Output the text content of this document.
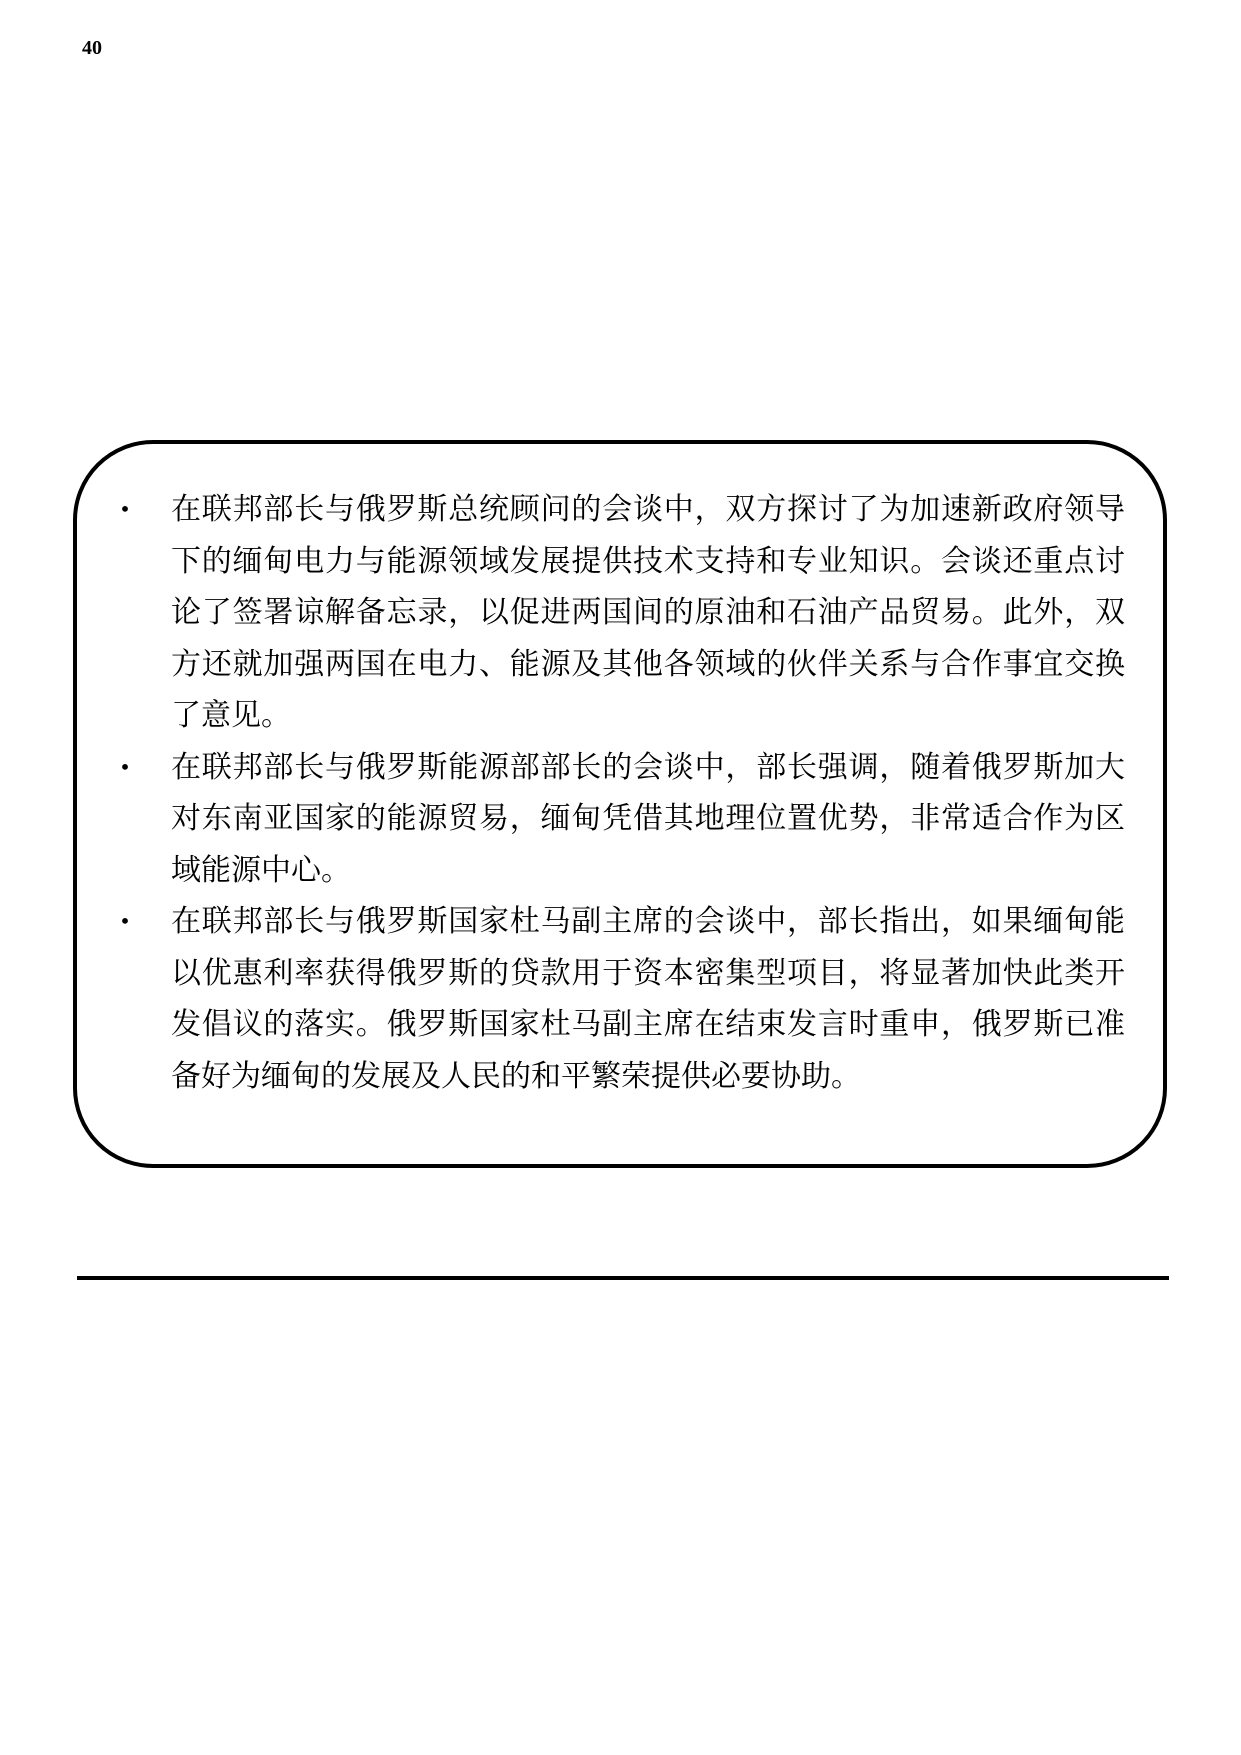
40
•	在联邦部长与俄罗斯总统顾问的会谈中，双方探讨了为加速新政府领导下的缅甸电力与能源领域发展提供技术支持和专业知识。会谈还重点讨论了签署谅解备忘录，以促进两国间的原油和石油产品贸易。此外，双方还就加强两国在电力、能源及其他各领域的伙伴关系与合作事宜交换了意见。
•	在联邦部长与俄罗斯能源部部长的会谈中，部长强调，随着俄罗斯加大对东南亚国家的能源贸易，缅甸凭借其地理位置优势，非常适合作为区域能源中心。
•	在联邦部长与俄罗斯国家杜马副主席的会谈中，部长指出，如果缅甸能以优惠利率获得俄罗斯的贷款用于资本密集型项目，将显著加快此类开发倡议的落实。俄罗斯国家杜马副主席在结束发言时重申，俄罗斯已准备好为缅甸的发展及人民的和平繁荣提供必要协助。
